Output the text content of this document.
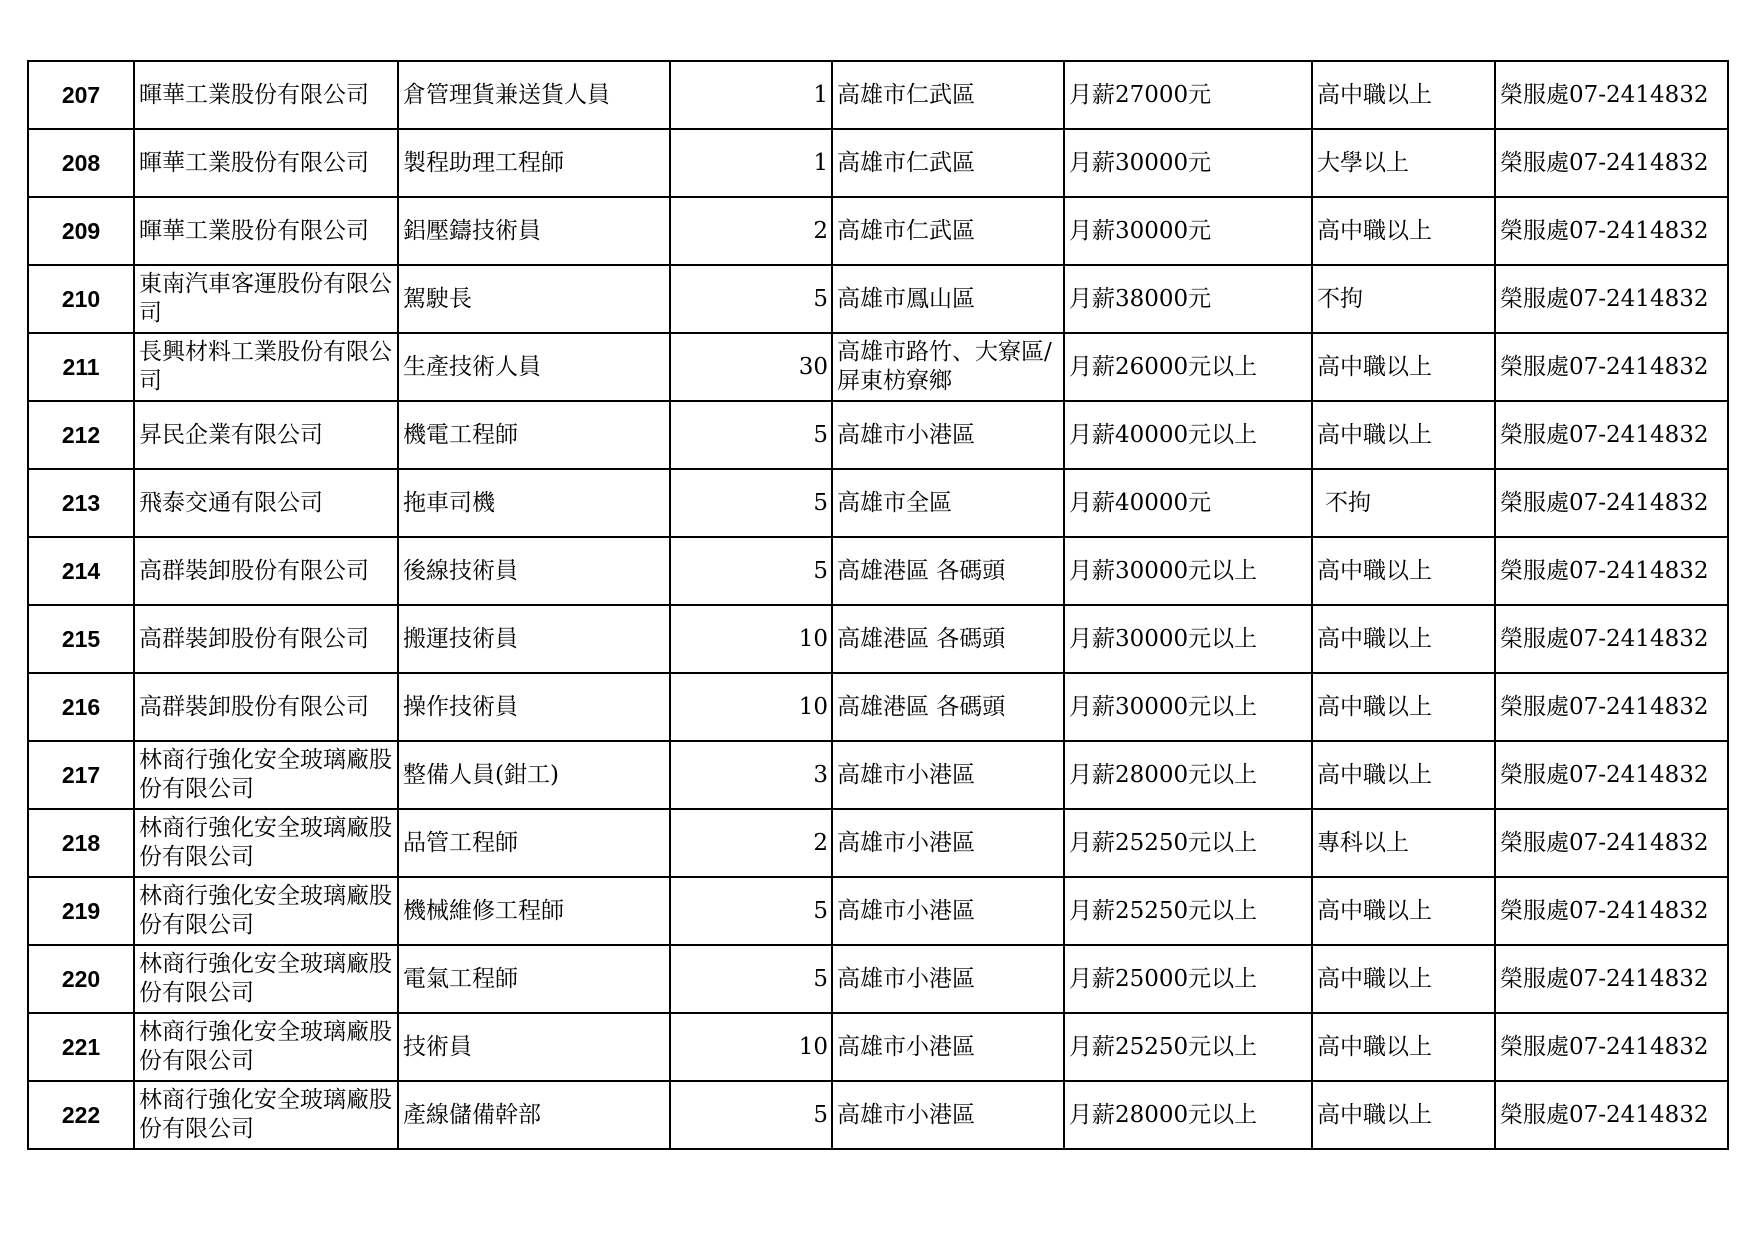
207	暉華工業股份有限公司	倉管理貨兼送貨人員	1	高雄市仁武區	月薪27000元	高中職以上	榮服處07-2414832
208	暉華工業股份有限公司	製程助理工程師	1	高雄市仁武區	月薪30000元	大學以上	榮服處07-2414832
209	暉華工業股份有限公司	鋁壓鑄技術員	2	高雄市仁武區	月薪30000元	高中職以上	榮服處07-2414832
210	東南汽車客運股份有限公司	駕駛長	5	高雄市鳳山區	月薪38000元	不拘	榮服處07-2414832
211	長興材料工業股份有限公司	生產技術人員	30	高雄市路竹、大寮區/屏東枋寮鄉	月薪26000元以上	高中職以上	榮服處07-2414832
212	昇民企業有限公司	機電工程師	5	高雄市小港區	月薪40000元以上	高中職以上	榮服處07-2414832
213	飛泰交通有限公司	拖車司機	5	高雄市全區	月薪40000元	不拘	榮服處07-2414832
214	高群裝卸股份有限公司	後線技術員	5	高雄港區 各碼頭	月薪30000元以上	高中職以上	榮服處07-2414832
215	高群裝卸股份有限公司	搬運技術員	10	高雄港區 各碼頭	月薪30000元以上	高中職以上	榮服處07-2414832
216	高群裝卸股份有限公司	操作技術員	10	高雄港區 各碼頭	月薪30000元以上	高中職以上	榮服處07-2414832
217	林商行強化安全玻璃廠股份有限公司	整備人員(鉗工)	3	高雄市小港區	月薪28000元以上	高中職以上	榮服處07-2414832
218	林商行強化安全玻璃廠股份有限公司	品管工程師	2	高雄市小港區	月薪25250元以上	專科以上	榮服處07-2414832
219	林商行強化安全玻璃廠股份有限公司	機械維修工程師	5	高雄市小港區	月薪25250元以上	高中職以上	榮服處07-2414832
220	林商行強化安全玻璃廠股份有限公司	電氣工程師	5	高雄市小港區	月薪25000元以上	高中職以上	榮服處07-2414832
221	林商行強化安全玻璃廠股份有限公司	技術員	10	高雄市小港區	月薪25250元以上	高中職以上	榮服處07-2414832
222	林商行強化安全玻璃廠股份有限公司	產線儲備幹部	5	高雄市小港區	月薪28000元以上	高中職以上	榮服處07-2414832
